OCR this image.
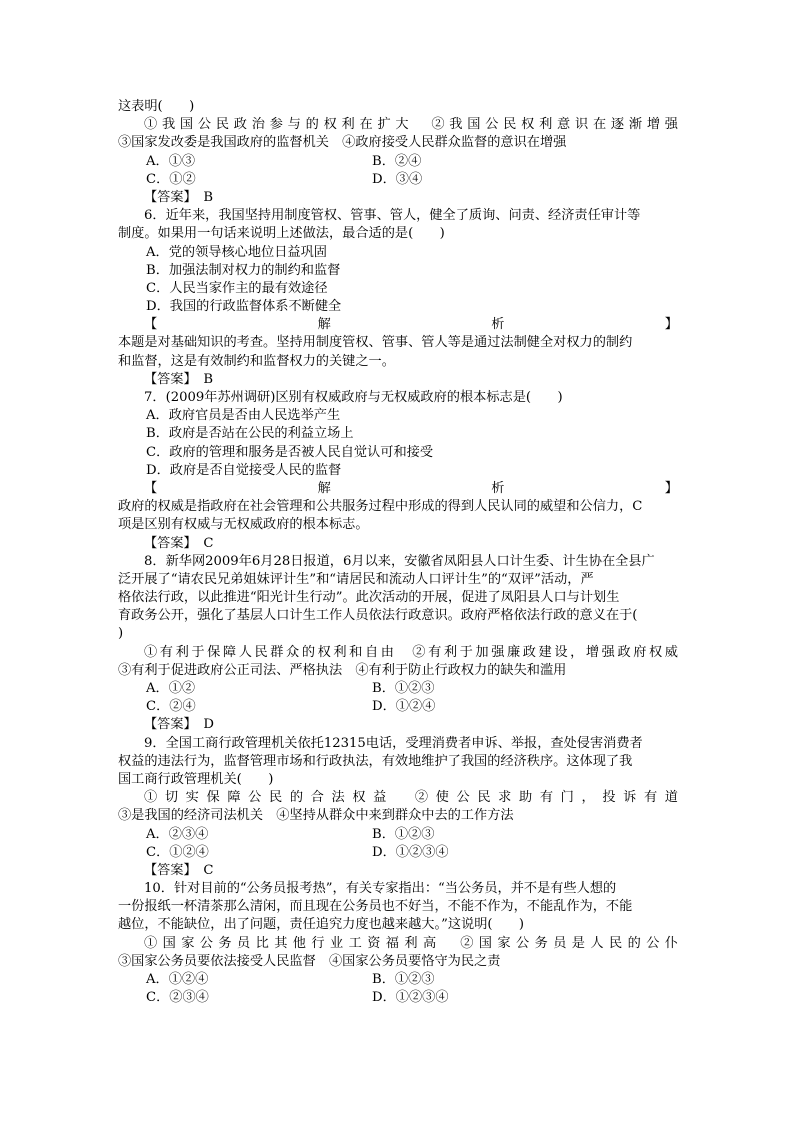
这表明(　　)
①我国公民政治参与的权利在扩大　②我国公民权利意识在逐渐增强
③国家发改委是我国政府的监督机关　④政府接受人民群众监督的意识在增强
A．①③	B．②④
C．①②	D．③④
【答案】　B
6．近年来，我国坚持用制度管权、管事、管人，健全了质询、问责、经济责任审计等
制度。如果用一句话来说明上述做法，最合适的是(　　)
A．党的领导核心地位日益巩固
B．加强法制对权力的制约和监督
C．人民当家作主的最有效途径
D．我国的行政监督体系不断健全
【	解	析	】
本题是对基础知识的考查。坚持用制度管权、管事、管人等是通过法制健全对权力的制约
和监督，这是有效制约和监督权力的关键之一。
【答案】　B
7．(2009年苏州调研)区别有权威政府与无权威政府的根本标志是(　　)
A．政府官员是否由人民选举产生
B．政府是否站在公民的利益立场上
C．政府的管理和服务是否被人民自觉认可和接受
D．政府是否自觉接受人民的监督
【	解	析	】
政府的权威是指政府在社会管理和公共服务过程中形成的得到人民认同的威望和公信力，C
项是区别有权威与无权威政府的根本标志。
【答案】　C
8．新华网2009年6月28日报道，6月以来，安徽省凤阳县人口计生委、计生协在全县广
泛开展了“请农民兄弟姐妹评计生”和“请居民和流动人口评计生”的“双评”活动，严
格依法行政，以此推进“阳光计生行动”。此次活动的开展，促进了凤阳县人口与计划生
育政务公开，强化了基层人口计生工作人员依法行政意识。政府严格依法行政的意义在于(
)
①有利于保障人民群众的权利和自由　②有利于加强廉政建设，增强政府权威
③有利于促进政府公正司法、严格执法　④有利于防止行政权力的缺失和滥用
A．①②	B．①②③
C．②④	D．①②④
【答案】　D
9．全国工商行政管理机关依托12315电话，受理消费者申诉、举报，查处侵害消费者
权益的违法行为，监督管理市场和行政执法，有效地维护了我国的经济秩序。这体现了我
国工商行政管理机关(　　)
①切实保障公民的合法权益　②使公民求助有门，投诉有道
③是我国的经济司法机关　④坚持从群众中来到群众中去的工作方法
A．②③④	B．①②③
C．①②④	D．①②③④
【答案】　C
10．针对目前的“公务员报考热”，有关专家指出：“当公务员，并不是有些人想的
一份报纸一杯清茶那么清闲，而且现在公务员也不好当，不能不作为，不能乱作为，不能
越位，不能缺位，出了问题，责任追究力度也越来越大。”这说明(　　)
①国家公务员比其他行业工资福利高　②国家公务员是人民的公仆
③国家公务员要依法接受人民监督　④国家公务员要恪守为民之责
A．①②④	B．①②③
C．②③④	D．①②③④
